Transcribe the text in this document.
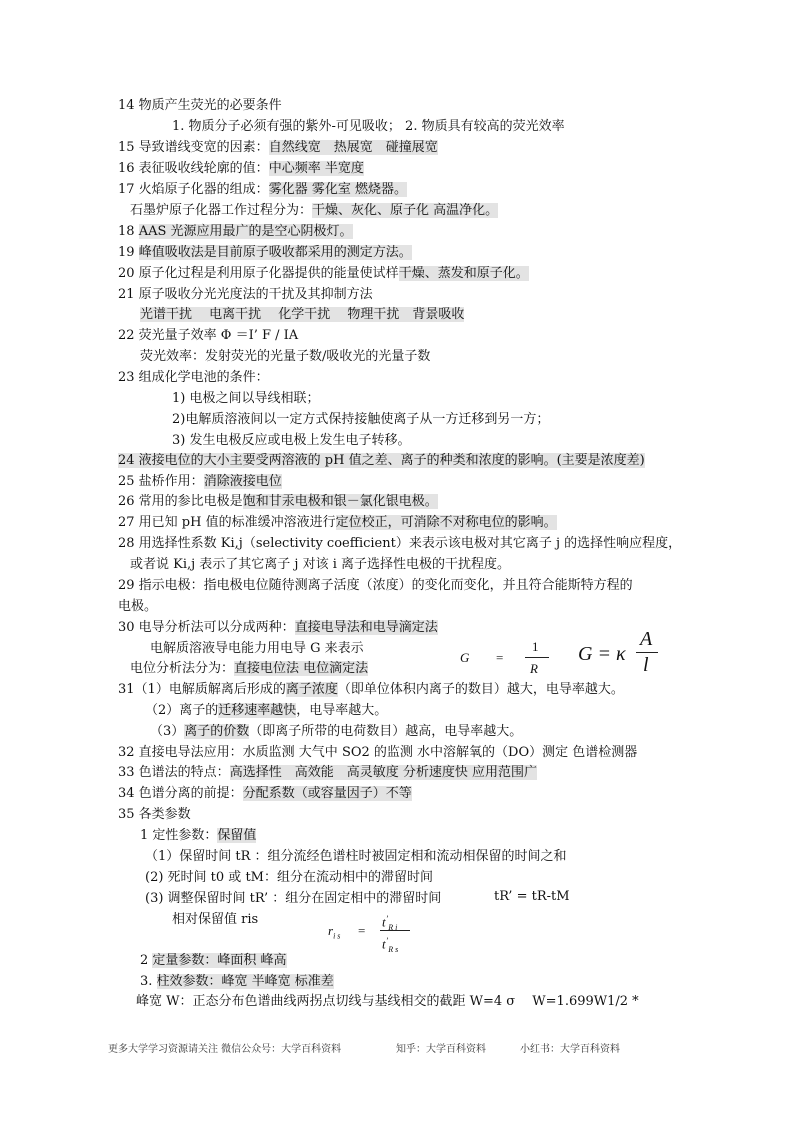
14 物质产生荧光的必要条件
1. 物质分子必须有强的紫外-可见吸收； 2. 物质具有较高的荧光效率
15 导致谱线变宽的因素：自然线宽　热展宽　碰撞展宽
16 表征吸收线轮廓的值：中心频率 半宽度
17 火焰原子化器的组成：雾化器 雾化室 燃烧器。
石墨炉原子化器工作过程分为：干燥、灰化、原子化 高温净化。
18 AAS 光源应用最广的是空心阴极灯。
19 峰值吸收法是目前原子吸收都采用的测定方法。
20 原子化过程是利用原子化器提供的能量使试样干燥、蒸发和原子化。
21 原子吸收分光光度法的干扰及其抑制方法
光谱干扰　 电离干扰　 化学干扰　 物理干扰　背景吸收
22 荧光量子效率 Φ ＝I’ F / IA
荧光效率：发射荧光的光量子数/吸收光的光量子数
23 组成化学电池的条件：
1) 电极之间以导线相联；
2)电解质溶液间以一定方式保持接触使离子从一方迁移到另一方；
3) 发生电极反应或电极上发生电子转移。
24 液接电位的大小主要受两溶液的 pH 值之差、离子的种类和浓度的影响。(主要是浓度差)
25 盐桥作用：消除液接电位
26 常用的参比电极是饱和甘汞电极和银－氯化银电极。
27 用已知 pH 值的标准缓冲溶液进行定位校正，可消除不对称电位的影响。
28 用选择性系数 Ki,j（selectivity coefficient）来表示该电极对其它离子 j 的选择性响应程度，
或者说 Ki,j 表示了其它离子 j 对该 i 离子选择性电极的干扰程度。
29 指示电极：指电极电位随待测离子活度（浓度）的变化而变化，并且符合能斯特方程的
电极。
30 电导分析法可以分成两种：直接电导法和电导滴定法
电解质溶液导电能力用电导 G 来表示
电位分析法分为：直接电位法 电位滴定法
31（1）电解质解离后形成的离子浓度（即单位体积内离子的数目）越大，电导率越大。
（2）离子的迁移速率越快，电导率越大。
（3）离子的价数（即离子所带的电荷数目）越高，电导率越大。
32 直接电导法应用：水质监测 大气中 SO2 的监测 水中溶解氧的（DO）测定 色谱检测器
33 色谱法的特点：高选择性　高效能　高灵敏度 分析速度快 应用范围广
34 色谱分离的前提：分配系数（或容量因子）不等
35 各类参数
1 定性参数：保留值
（1）保留时间 tR ：组分流经色谱柱时被固定相和流动相保留的时间之和
(2) 死时间 t0 或 tM：组分在流动相中的滞留时间
(3) 调整保留时间 tR’ ：组分在固定相中的滞留时间
相对保留值 ris
2 定量参数：峰面积 峰高
3. 柱效参数：峰宽 半峰宽 标准差
峰宽 W：正态分布色谱曲线两拐点切线与基线相交的截距 W=4 σ　 W=1.699W1/2 *
G =
1
R
G = κ
A
l
tR’ = tR-tM
$r_{i s}$ =
$t^’_{R i}$
$t^’_{R s}$
更多大学学习资源请关注 微信公众号：大学百科资料	知乎：大学百科资料	小红书：大学百科资料
